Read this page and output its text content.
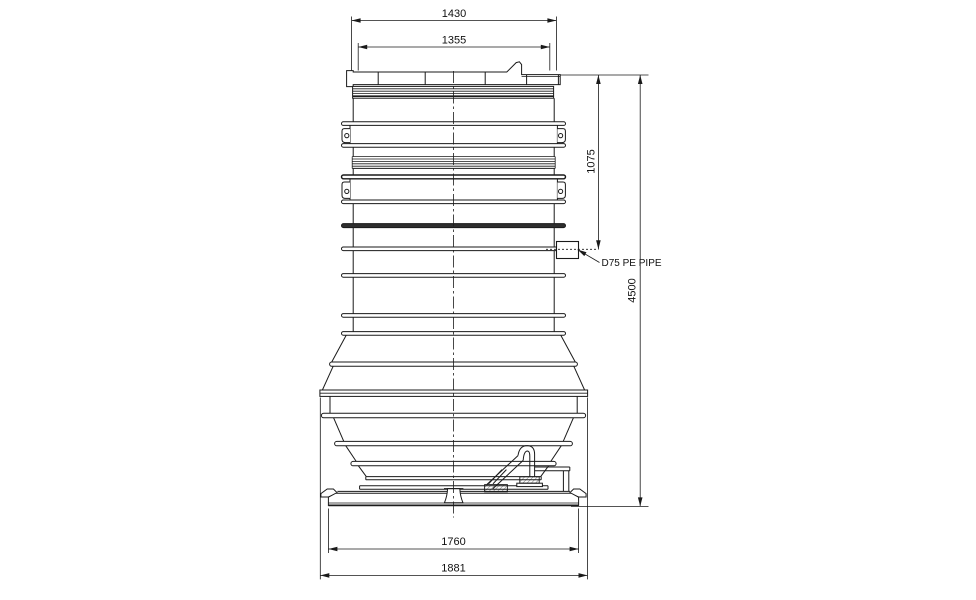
1430
1355
1075
4500
D75 PE PIPE
1760
1881
